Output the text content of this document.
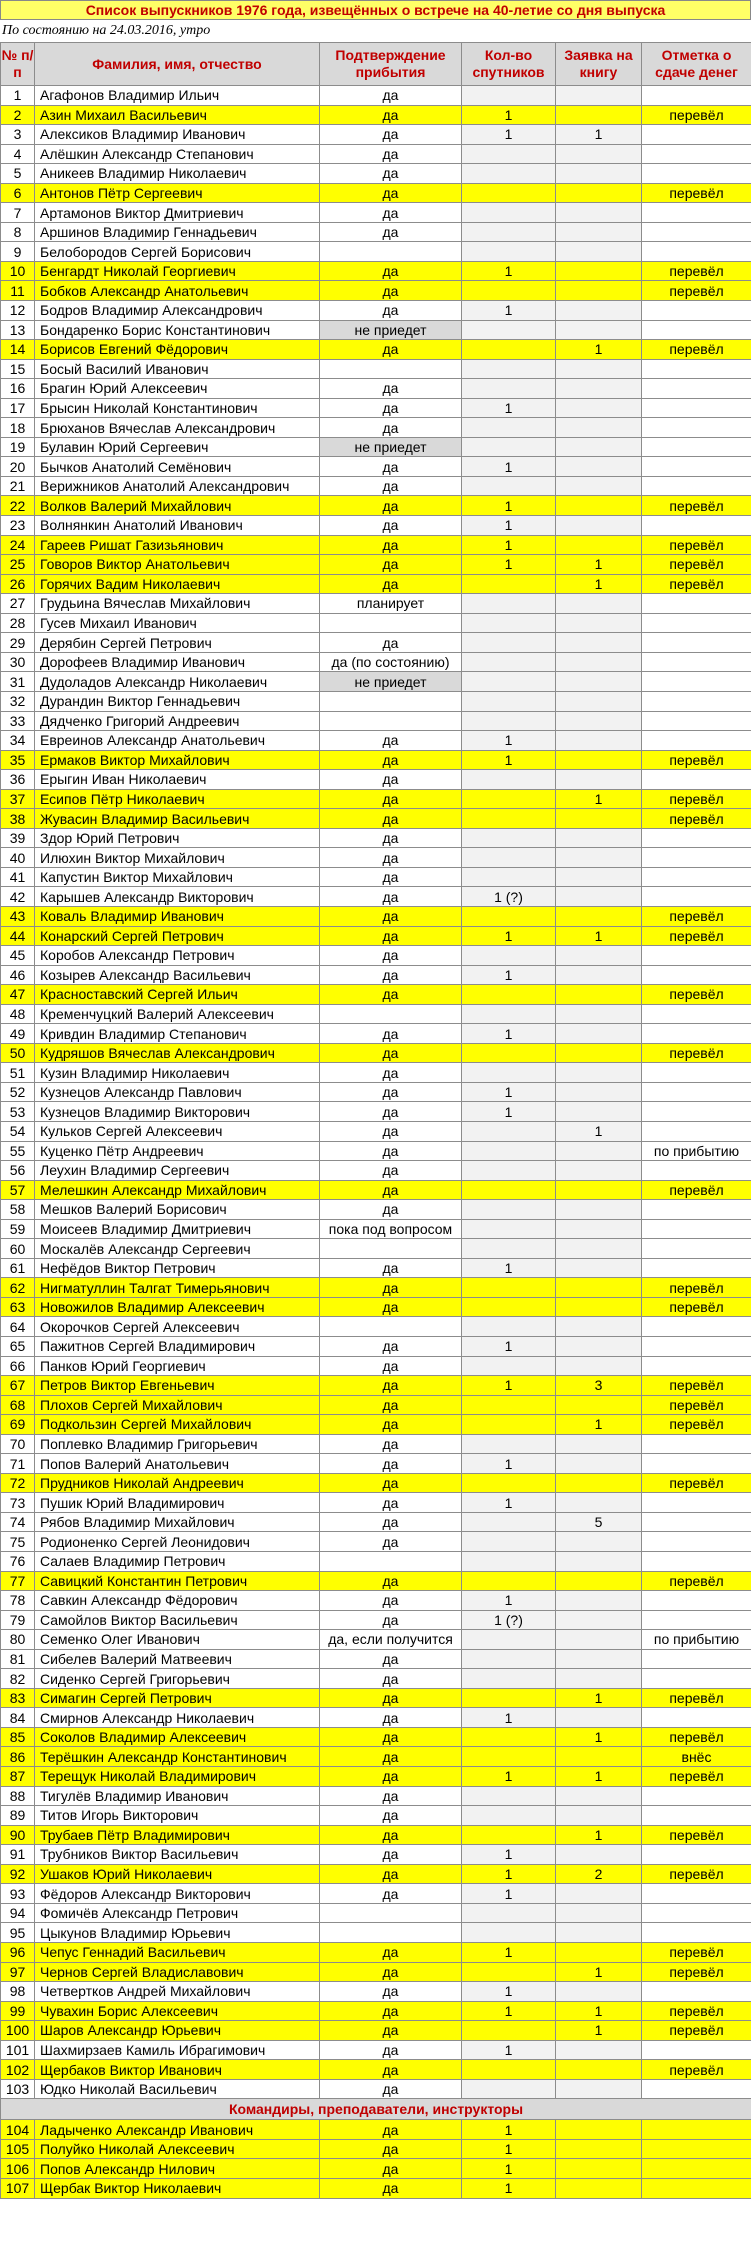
Список выпускников 1976 года, извещённых о встрече на 40-летие со дня выпуска
По состоянию на 24.03.2016, утро
№ п/п	Фамилия, имя, отчество	Подтверждение прибытия	Кол-во спутников	Заявка на книгу	Отметка о сдаче денег
1	Агафонов Владимир Ильич	да			
2	Азин Михаил Васильевич	да	1		перевёл
3	Алексиков Владимир Иванович	да	1	1	
4	Алёшкин Александр Степанович	да			
5	Аникеев Владимир Николаевич	да			
6	Антонов Пётр Сергеевич	да			перевёл
7	Артамонов Виктор Дмитриевич	да			
8	Аршинов Владимир Геннадьевич	да			
9	Белобородов Сергей Борисович				
10	Бенгардт Николай Георгиевич	да	1		перевёл
11	Бобков Александр Анатольевич	да			перевёл
12	Бодров Владимир Александрович	да	1		
13	Бондаренко Борис Константинович	не приедет			
14	Борисов Евгений Фёдорович	да		1	перевёл
15	Босый Василий Иванович				
16	Брагин Юрий Алексеевич	да			
17	Брысин Николай Константинович	да	1		
18	Брюханов Вячеслав Александрович	да			
19	Булавин Юрий Сергеевич	не приедет			
20	Бычков Анатолий Семёнович	да	1		
21	Верижников Анатолий Александрович	да			
22	Волков Валерий Михайлович	да	1		перевёл
23	Волнянкин Анатолий Иванович	да	1		
24	Гареев Ришат Газизьянович	да	1		перевёл
25	Говоров Виктор Анатольевич	да	1	1	перевёл
26	Горячих Вадим Николаевич	да		1	перевёл
27	Грудьина Вячеслав Михайлович	планирует			
28	Гусев Михаил Иванович				
29	Дерябин Сергей Петрович	да			
30	Дорофеев Владимир Иванович	да (по состоянию)			
31	Дудоладов Александр Николаевич	не приедет			
32	Дурандин Виктор Геннадьевич				
33	Дядченко Григорий Андреевич				
34	Евреинов Александр Анатольевич	да	1		
35	Ермаков Виктор Михайлович	да	1		перевёл
36	Ерыгин Иван Николаевич	да			
37	Есипов Пётр Николаевич	да		1	перевёл
38	Жувасин Владимир Васильевич	да			перевёл
39	Здор Юрий Петрович	да			
40	Илюхин Виктор Михайлович	да			
41	Капустин Виктор Михайлович	да			
42	Карышев Александр Викторович	да	1 (?)		
43	Коваль Владимир Иванович	да			перевёл
44	Конарский Сергей Петрович	да	1	1	перевёл
45	Коробов Александр Петрович	да			
46	Козырев Александр Васильевич	да	1		
47	Красноставский Сергей Ильич	да			перевёл
48	Кременчуцкий Валерий Алексеевич				
49	Кривдин Владимир Степанович	да	1		
50	Кудряшов Вячеслав Александрович	да			перевёл
51	Кузин Владимир Николаевич	да			
52	Кузнецов Александр Павлович	да	1		
53	Кузнецов Владимир Викторович	да	1		
54	Кульков Сергей Алексеевич	да		1	
55	Куценко Пётр Андреевич	да			по прибытию
56	Леухин Владимир Сергеевич	да			
57	Мелешкин Александр Михайлович	да			перевёл
58	Мешков Валерий Борисович	да			
59	Моисеев Владимир Дмитриевич	пока под вопросом			
60	Москалёв Александр Сергеевич				
61	Нефёдов Виктор Петрович	да	1		
62	Нигматуллин Талгат Тимерьянович	да			перевёл
63	Новожилов Владимир Алексеевич	да			перевёл
64	Окорочков Сергей Алексеевич				
65	Пажитнов Сергей Владимирович	да	1		
66	Панков Юрий Георгиевич	да			
67	Петров Виктор Евгеньевич	да	1	3	перевёл
68	Плохов Сергей Михайлович	да			перевёл
69	Подкользин Сергей Михайлович	да		1	перевёл
70	Поплевко Владимир Григорьевич	да			
71	Попов Валерий Анатольевич	да	1		
72	Прудников Николай Андреевич	да			перевёл
73	Пушик Юрий Владимирович	да	1		
74	Рябов Владимир Михайлович	да		5	
75	Родионенко Сергей Леонидович	да			
76	Салаев Владимир Петрович				
77	Савицкий Константин Петрович	да			перевёл
78	Савкин Александр Фёдорович	да	1		
79	Самойлов Виктор Васильевич	да	1 (?)		
80	Семенко Олег Иванович	да, если получится			по прибытию
81	Сибелев Валерий Матвеевич	да			
82	Сиденко Сергей Григорьевич	да			
83	Симагин Сергей Петрович	да		1	перевёл
84	Смирнов Александр Николаевич	да	1		
85	Соколов Владимир Алексеевич	да		1	перевёл
86	Терёшкин Александр Константинович	да			внёс
87	Терещук Николай Владимирович	да	1	1	перевёл
88	Тигулёв Владимир Иванович	да			
89	Титов Игорь Викторович	да			
90	Трубаев Пётр Владимирович	да		1	перевёл
91	Трубников Виктор Васильевич	да	1		
92	Ушаков Юрий Николаевич	да	1	2	перевёл
93	Фёдоров Александр Викторович	да	1		
94	Фомичёв Александр Петрович				
95	Цыкунов Владимир Юрьевич				
96	Чепус Геннадий Васильевич	да	1		перевёл
97	Чернов Сергей Владиславович	да		1	перевёл
98	Четвертков Андрей Михайлович	да	1		
99	Чувахин Борис Алексеевич	да	1	1	перевёл
100	Шаров Александр Юрьевич	да		1	перевёл
101	Шахмирзаев Камиль Ибрагимович	да	1		
102	Щербаков Виктор Иванович	да			перевёл
103	Юдко Николай Васильевич	да			
Командиры, преподаватели, инструкторы					
104	Ладыченко Александр Иванович	да	1		
105	Полуйко Николай Алексеевич	да	1		
106	Попов Александр Нилович	да	1		
107	Щербак Виктор Николаевич	да	1		
